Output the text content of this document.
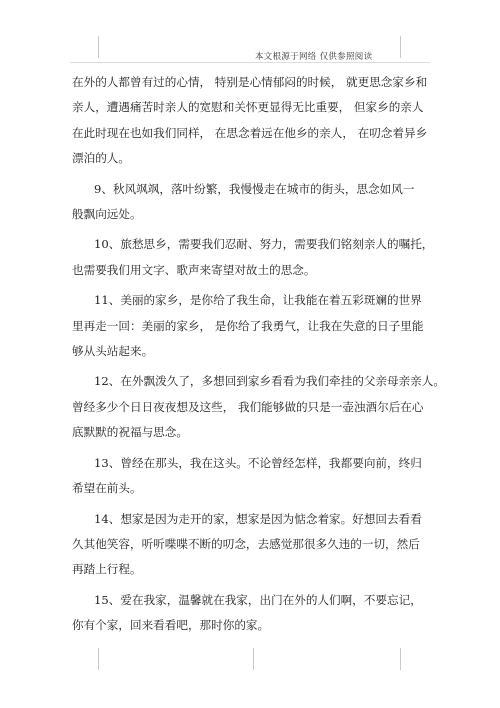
本文根源于网络 仅供参照阅读

在外的人都曾有过的心情， 特别是心情郁闷的时候， 就更思念家乡和
亲人，遭遇痛苦时亲人的宽慰和关怀更显得无比重要， 但家乡的亲人
在此时现在也如我们同样， 在思念着远在他乡的亲人， 在叨念着异乡
漂泊的人。

9、秋风飒飒，落叶纷繁，我慢慢走在城市的街头，思念如风一
般飘向远处。

10、旅愁思乡，需要我们忍耐、努力，需要我们铭刻亲人的嘱托，
也需要我们用文字、歌声来寄望对故土的思念。

11、美丽的家乡，是你给了我生命，让我能在着五彩斑斓的世界
里再走一回：美丽的家乡， 是你给了我勇气，让我在失意的日子里能
够从头站起来。

12、在外飘泼久了，多想回到家乡看看为我们牵挂的父亲母亲亲人。
曾经多少个日日夜夜想及这些， 我们能够做的只是一壶浊酒尔后在心
底默默的祝福与思念。

13、曾经在那头，我在这头。不论曾经怎样，我都要向前，终归
希望在前头。

14、想家是因为走开的家，想家是因为惦念着家。好想回去看看
久其他笑容，听听喋喋不断的叨念，去感觉那很多久违的一切，然后
再踏上行程。

15、爱在我家，温馨就在我家，出门在外的人们啊，不要忘记，
你有个家，回来看看吧，那时你的家。
